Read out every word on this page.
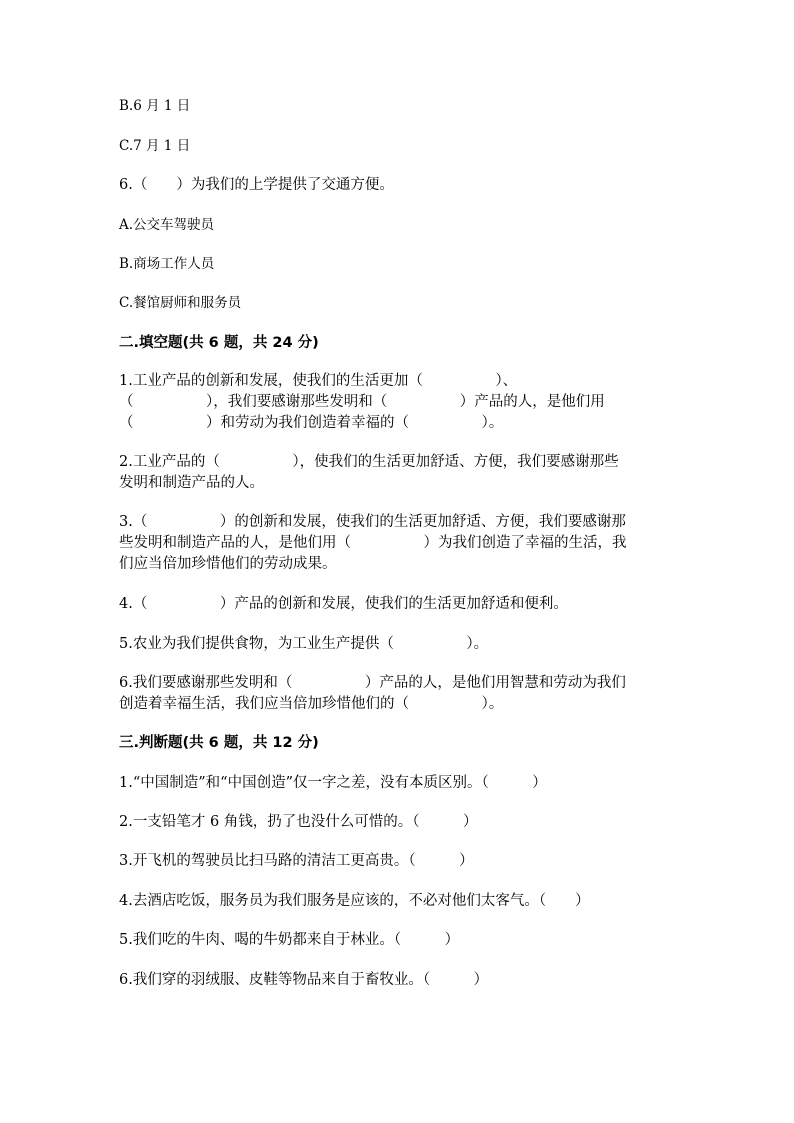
B.6 月 1 日
C.7 月 1 日
6.（　　）为我们的上学提供了交通方便。
A.公交车驾驶员
B.商场工作人员
C.餐馆厨师和服务员
二.填空题(共 6 题，共 24 分)
1.工业产品的创新和发展，使我们的生活更加（　　　　　）、
（　　　　　），我们要感谢那些发明和（　　　　　）产品的人，是他们用
（　　　　　）和劳动为我们创造着幸福的（　　　　　）。
2.工业产品的（　　　　　），使我们的生活更加舒适、方便，我们要感谢那些
发明和制造产品的人。
3.（　　　　　）的创新和发展，使我们的生活更加舒适、方便，我们要感谢那
些发明和制造产品的人，是他们用（　　　　　）为我们创造了幸福的生活，我
们应当倍加珍惜他们的劳动成果。
4.（　　　　　）产品的创新和发展，使我们的生活更加舒适和便利。
5.农业为我们提供食物，为工业生产提供（　　　　　）。
6.我们要感谢那些发明和（　　　　　）产品的人，是他们用智慧和劳动为我们
创造着幸福生活，我们应当倍加珍惜他们的（　　　　　）。
三.判断题(共 6 题，共 12 分)
1.“中国制造”和“中国创造”仅一字之差，没有本质区别。（　　　）
2.一支铅笔才 6 角钱，扔了也没什么可惜的。（　　　）
3.开飞机的驾驶员比扫马路的清洁工更高贵。（　　　）
4.去酒店吃饭，服务员为我们服务是应该的，不必对他们太客气。（　　）
5.我们吃的牛肉、喝的牛奶都来自于林业。（　　　）
6.我们穿的羽绒服、皮鞋等物品来自于畜牧业。（　　　）
